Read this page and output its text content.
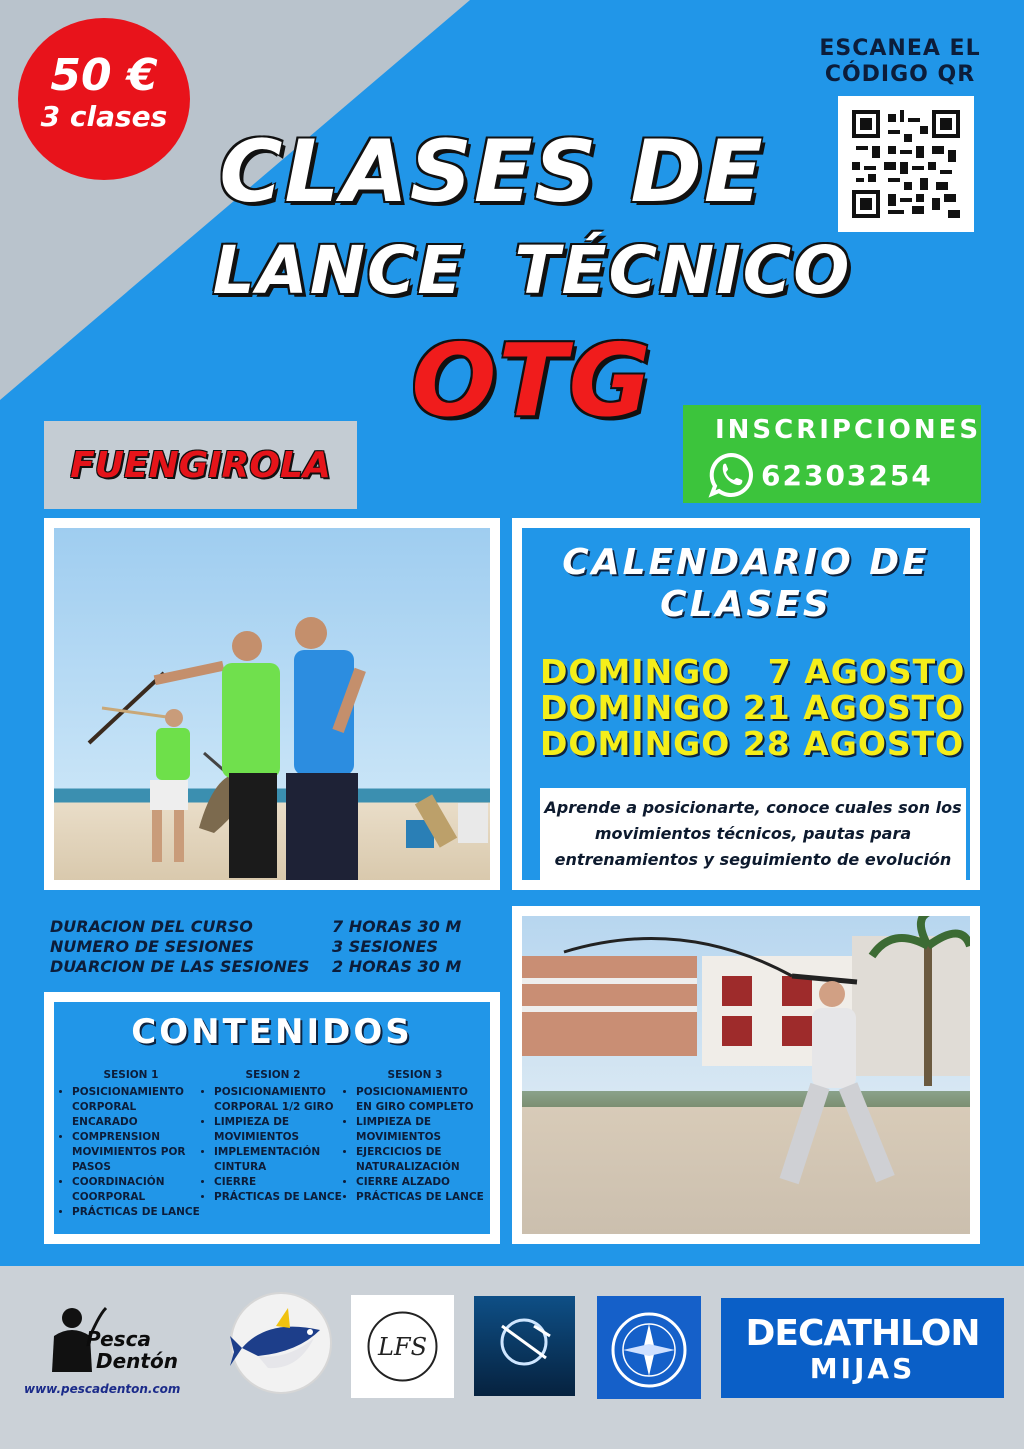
50 €
3 clases
CLASES DE
LANCE  TÉCNICO
OTG
ESCANEA EL CÓDIGO QR
FUENGIROLA
INSCRIPCIONES
62303254
CALENDARIO DE CLASES
DOMINGO   7 AGOSTO
DOMINGO 21 AGOSTO
DOMINGO 28 AGOSTO
Aprende a posicionarte, conoce cuales son los movimientos técnicos, pautas para entrenamientos y seguimiento de evolución
DURACION DEL CURSO	7 HORAS 30 M
NUMERO DE SESIONES	3 SESIONES
DUARCION DE LAS SESIONES	2 HORAS 30 M
CONTENIDOS
SESION 1
• POSICIONAMIENTO CORPORAL ENCARADO
• COMPRENSION MOVIMIENTOS POR PASOS
• COORDINACIÓN COORPORAL
• PRÁCTICAS DE LANCE
SESION 2
• POSICIONAMIENTO CORPORAL 1/2 GIRO
• LIMPIEZA DE MOVIMIENTOS
• IMPLEMENTACIÓN CINTURA
• CIERRE
• PRÁCTICAS DE LANCE
SESION 3
• POSICIONAMIENTO EN GIRO COMPLETO
• LIMPIEZA DE MOVIMIENTOS
• EJERCICIOS DE NATURALIZACIÓN
• CIERRE ALZADO
• PRÁCTICAS DE LANCE
Pesca
Dentón
www.pescadenton.com
LFS	DECATHLON
MIJAS
